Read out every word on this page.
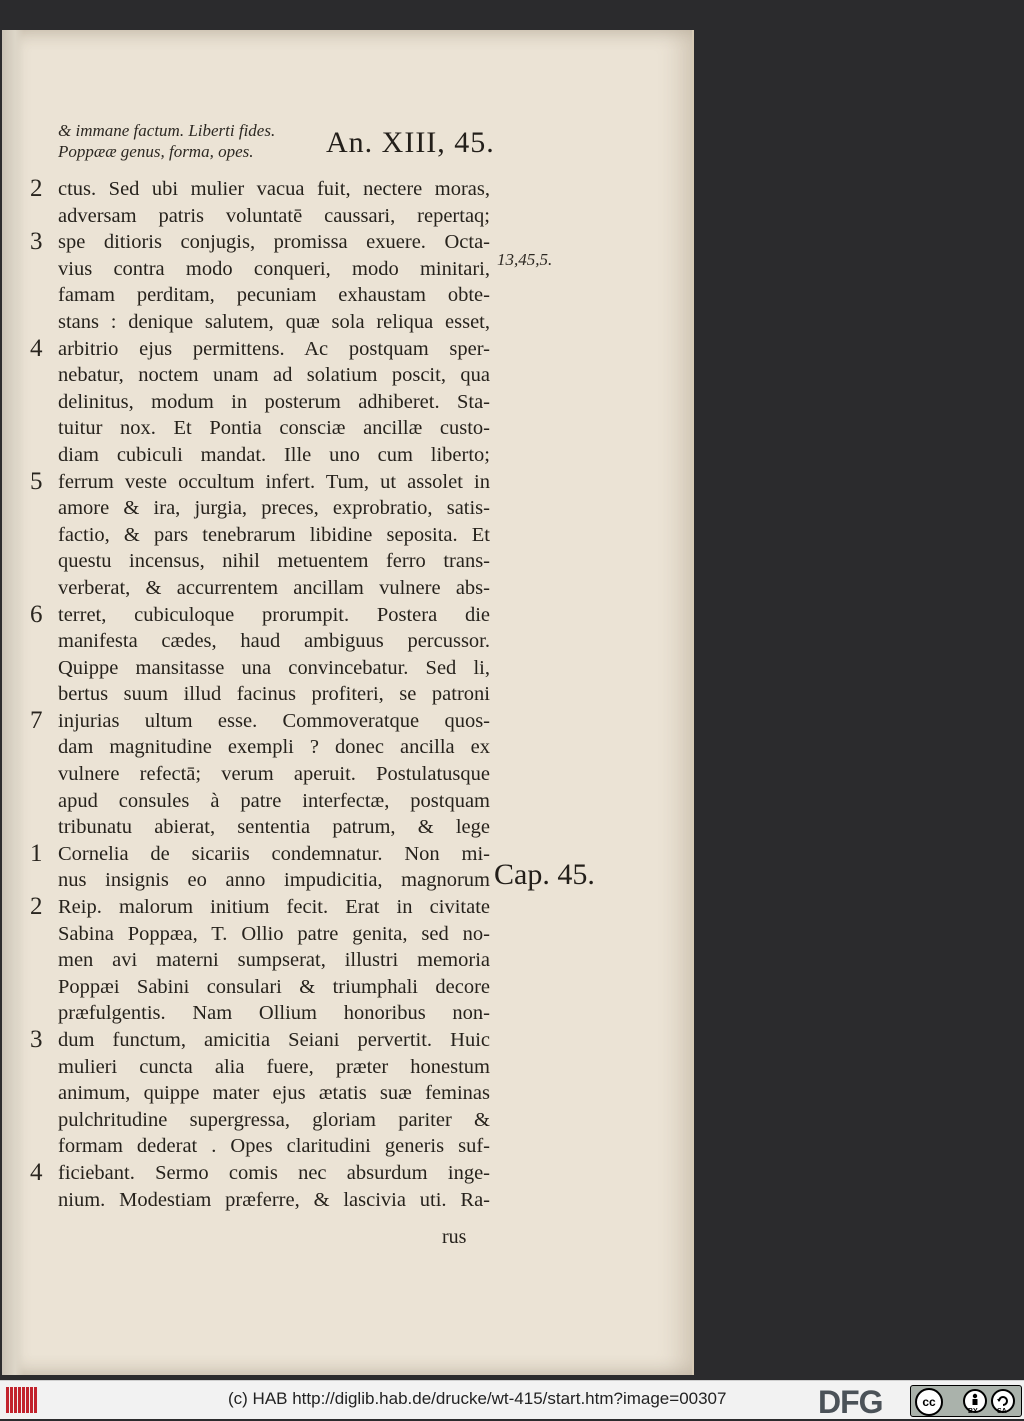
& immane factum. Liberti fides.
Poppææ genus, forma, opes.	An. XIII, 45.
2 ctus. Sed ubi mulier vacua fuit, nectere moras,
adversam patris voluntatē caussari, repertaq;
3 spe ditioris conjugis, promissa exuere. Octa-
vius contra modo conqueri, modo minitari,
famam perditam, pecuniam exhaustam obte-
stans : denique salutem, quæ sola reliqua esset,
4 arbitrio ejus permittens. Ac postquam sper-
nebatur, noctem unam ad solatium poscit, qua
delinitus, modum in posterum adhiberet. Sta-
tuitur nox. Et Pontia consciæ ancillæ custo-
diam cubiculi mandat. Ille uno cum liberto;
5 ferrum veste occultum infert. Tum, ut assolet in
amore & ira, jurgia, preces, exprobratio, satis-
factio, & pars tenebrarum libidine seposita. Et
questu incensus, nihil metuentem ferro trans-
verberat, & accurrentem ancillam vulnere abs-
6 terret, cubiculoque prorumpit. Postera die
manifesta cædes, haud ambiguus percussor.
Quippe mansitasse una convincebatur. Sed li,
bertus suum illud facinus profiteri, se patroni
7 injurias ultum esse. Commoveratque quos-
dam magnitudine exempli ? donec ancilla ex
vulnere refectā; verum aperuit. Postulatusque
apud consules à patre interfectæ, postquam
tribunatu abierat, sententia patrum, & lege
1 Cornelia de sicariis condemnatur. Non mi-
nus insignis eo anno impudicitia, magnorum
2 Reip. malorum initium fecit. Erat in civitate
Sabina Poppæa, T. Ollio patre genita, sed no-
men avi materni sumpserat, illustri memoria
Poppæi Sabini consulari & triumphali decore
præfulgentis. Nam Ollium honoribus non-
3 dum functum, amicitia Seiani pervertit. Huic
mulieri cuncta alia fuere, præter honestum
animum, quippe mater ejus ætatis suæ feminas
pulchritudine supergressa, gloriam pariter &
formam dederat . Opes claritudini generis suf-
4 ficiebant. Sermo comis nec absurdum inge-
nium. Modestiam præferre, & lascivia uti. Ra-
rus
13,45,5.
Cap. 45.
(c) HAB http://diglib.hab.de/drucke/wt-415/start.htm?image=00307	DFG	cc
BY	SA
